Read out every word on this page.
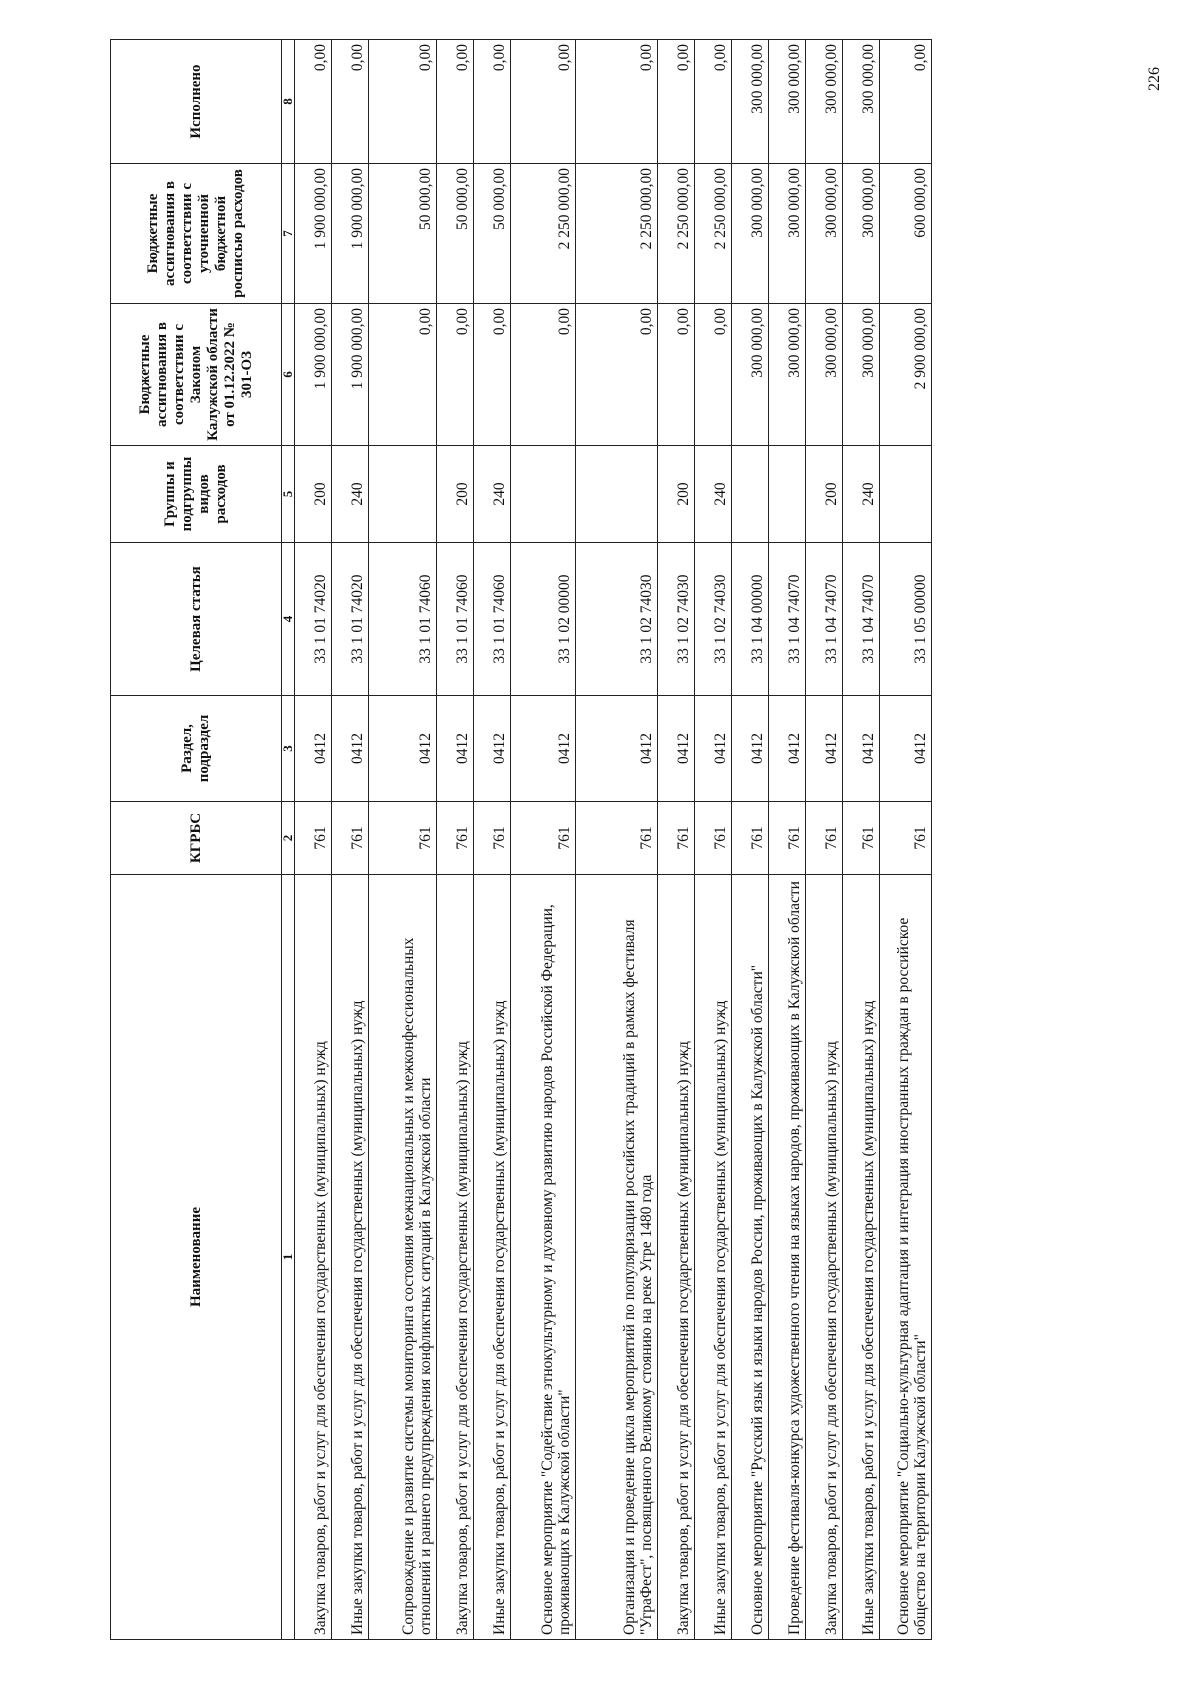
Наименование	КГРБС	Раздел, подраздел	Целевая статья	Группы и подгруппы видов расходов	Бюджетные ассигнования в соответствии с Законом Калужской области от 01.12.2022 № 301-ОЗ	Бюджетные ассигнования в соответствии с уточненной бюджетной росписью расходов	Исполнено
1	2	3	4	5	6	7	8
Закупка товаров, работ и услуг для обеспечения государственных (муниципальных) нужд	761	0412	33 1 01 74020	200	1 900 000,00	1 900 000,00	0,00
Иные закупки товаров, работ и услуг для обеспечения государственных (муниципальных) нужд	761	0412	33 1 01 74020	240	1 900 000,00	1 900 000,00	0,00
Сопровождение и развитие системы мониторинга состояния межнациональных и межконфессиональных отношений и раннего предупреждения конфликтных ситуаций в Калужской области	761	0412	33 1 01 74060		0,00	50 000,00	0,00
Закупка товаров, работ и услуг для обеспечения государственных (муниципальных) нужд	761	0412	33 1 01 74060	200	0,00	50 000,00	0,00
Иные закупки товаров, работ и услуг для обеспечения государственных (муниципальных) нужд	761	0412	33 1 01 74060	240	0,00	50 000,00	0,00
Основное мероприятие "Содействие этнокультурному и духовному развитию народов Российской Федерации, проживающих в Калужской области"	761	0412	33 1 02 00000		0,00	2 250 000,00	0,00
Организация и проведение цикла мероприятий по популяризации российских традиций в рамках фестиваля "УграФест", посвященного Великому стоянию на реке Угре 1480 года	761	0412	33 1 02 74030		0,00	2 250 000,00	0,00
Закупка товаров, работ и услуг для обеспечения государственных (муниципальных) нужд	761	0412	33 1 02 74030	200	0,00	2 250 000,00	0,00
Иные закупки товаров, работ и услуг для обеспечения государственных (муниципальных) нужд	761	0412	33 1 02 74030	240	0,00	2 250 000,00	0,00
Основное мероприятие "Русский язык и языки народов России, проживающих в Калужской области"	761	0412	33 1 04 00000		300 000,00	300 000,00	300 000,00
Проведение фестиваля-конкурса художественного чтения на языках народов, проживающих в Калужской области	761	0412	33 1 04 74070		300 000,00	300 000,00	300 000,00
Закупка товаров, работ и услуг для обеспечения государственных (муниципальных) нужд	761	0412	33 1 04 74070	200	300 000,00	300 000,00	300 000,00
Иные закупки товаров, работ и услуг для обеспечения государственных (муниципальных) нужд	761	0412	33 1 04 74070	240	300 000,00	300 000,00	300 000,00
Основное мероприятие "Социально-культурная адаптация и интеграция иностранных граждан в российское общество на территории Калужской области"	761	0412	33 1 05 00000		2 900 000,00	600 000,00	0,00
226
